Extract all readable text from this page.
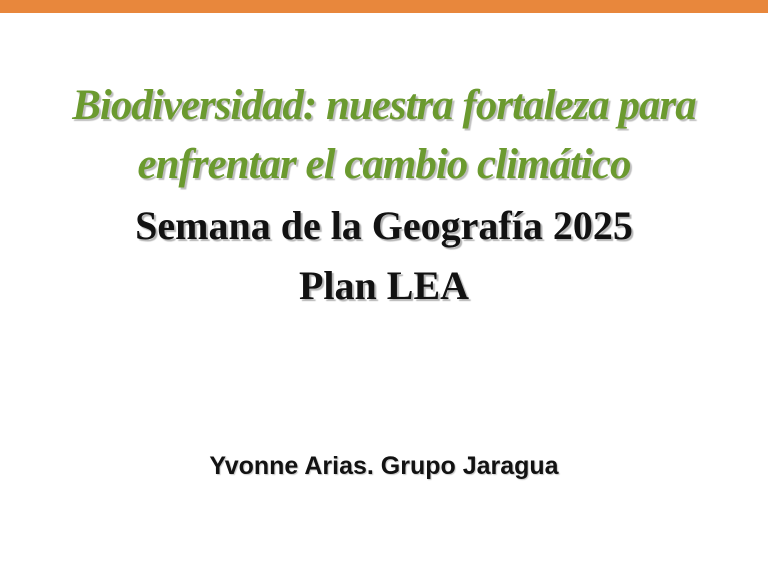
Biodiversidad: nuestra fortaleza para
enfrentar el cambio climático
Semana de la Geografía 2025
Plan LEA
Yvonne Arias. Grupo Jaragua
